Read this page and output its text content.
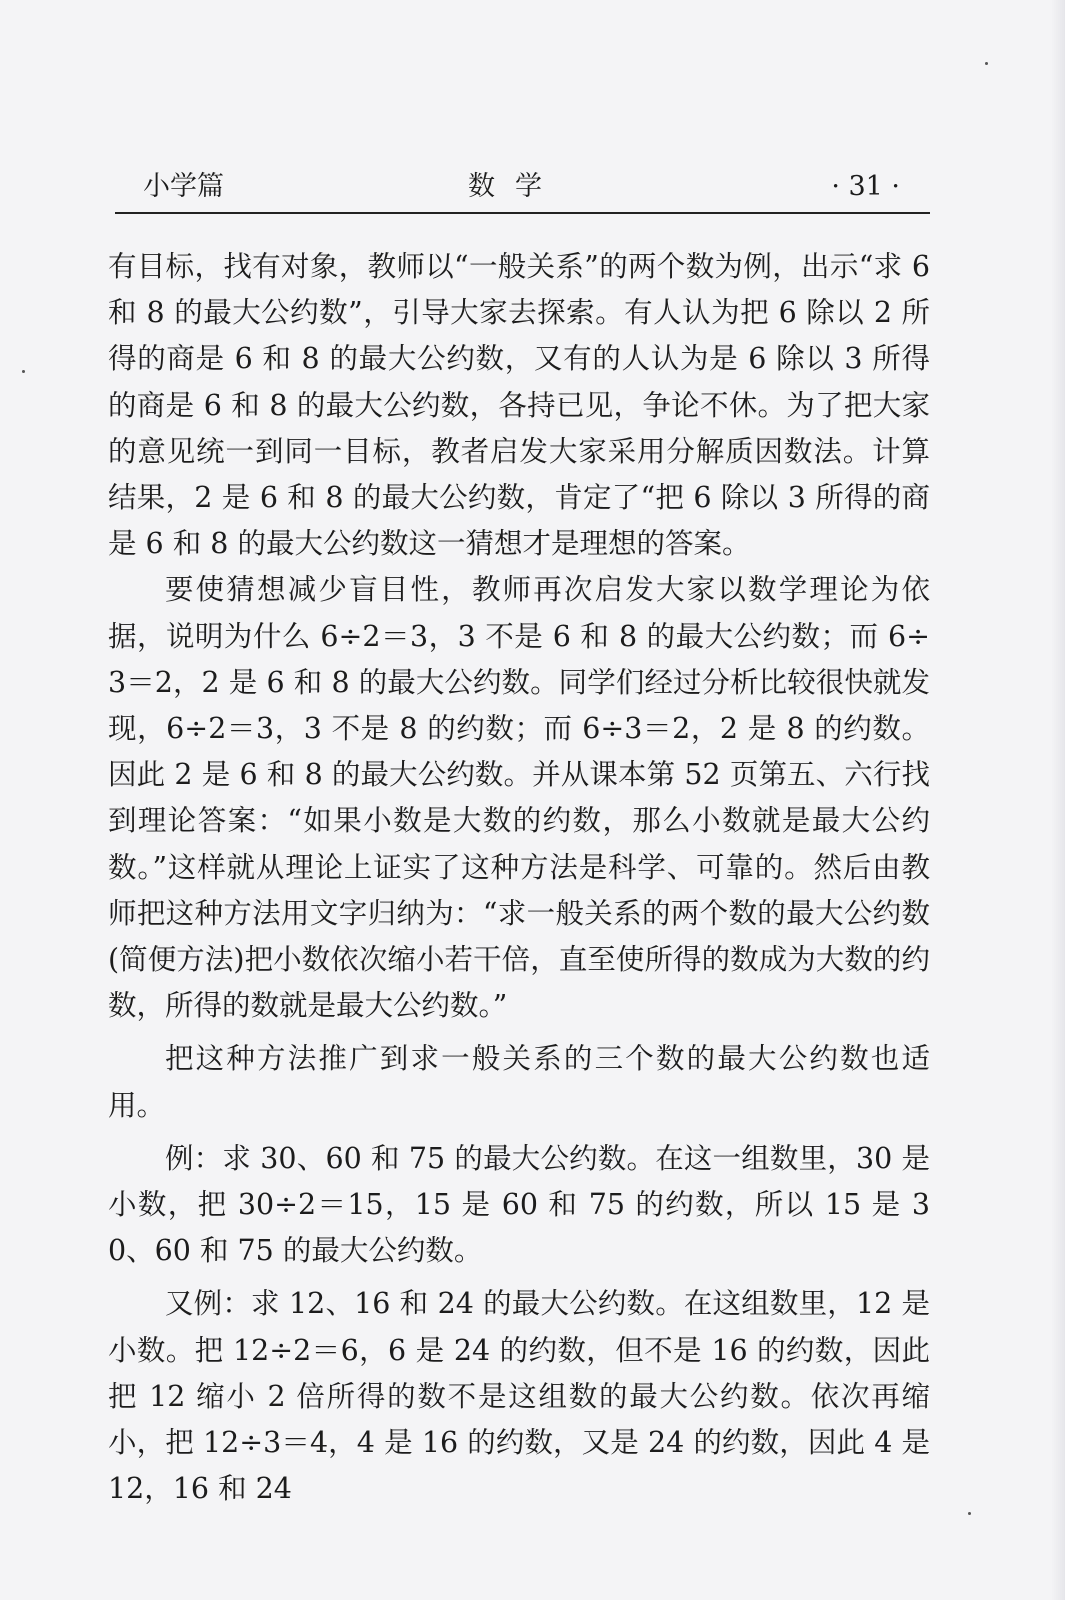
小学篇	数学	· 31 ·

有目标，找有对象，教师以“一般关系”的两个数为例，出示“求 6 和 8 的最大公约数”，引导大家去探索。有人认为把 6 除以 2 所得的商是 6 和 8 的最大公约数，又有的人认为是 6 除以 3 所得的商是 6 和 8 的最大公约数，各持已见，争论不休。为了把大家的意见统一到同一目标，教者启发大家采用分解质因数法。计算结果，2 是 6 和 8 的最大公约数，肯定了“把 6 除以 3 所得的商是 6 和 8 的最大公约数这一猜想才是理想的答案。

要使猜想减少盲目性，教师再次启发大家以数学理论为依据，说明为什么 6÷2＝3，3 不是 6 和 8 的最大公约数；而 6÷3＝2，2 是 6 和 8 的最大公约数。同学们经过分析比较很快就发现，6÷2＝3，3 不是 8 的约数；而 6÷3＝2，2 是 8 的约数。因此 2 是 6 和 8 的最大公约数。并从课本第 52 页第五、六行找到理论答案：“如果小数是大数的约数，那么小数就是最大公约数。”这样就从理论上证实了这种方法是科学、可靠的。然后由教师把这种方法用文字归纳为：“求一般关系的两个数的最大公约数(简便方法)把小数依次缩小若干倍，直至使所得的数成为大数的约数，所得的数就是最大公约数。”

把这种方法推广到求一般关系的三个数的最大公约数也适用。

例：求 30、60 和 75 的最大公约数。在这一组数里，30 是小数，把 30÷2＝15，15 是 60 和 75 的约数，所以 15 是 30、60 和 75 的最大公约数。

又例：求 12、16 和 24 的最大公约数。在这组数里，12 是小数。把 12÷2＝6，6 是 24 的约数，但不是 16 的约数，因此把 12 缩小 2 倍所得的数不是这组数的最大公约数。依次再缩小，把 12÷3＝4，4 是 16 的约数，又是 24 的约数，因此 4 是 12，16 和 24
